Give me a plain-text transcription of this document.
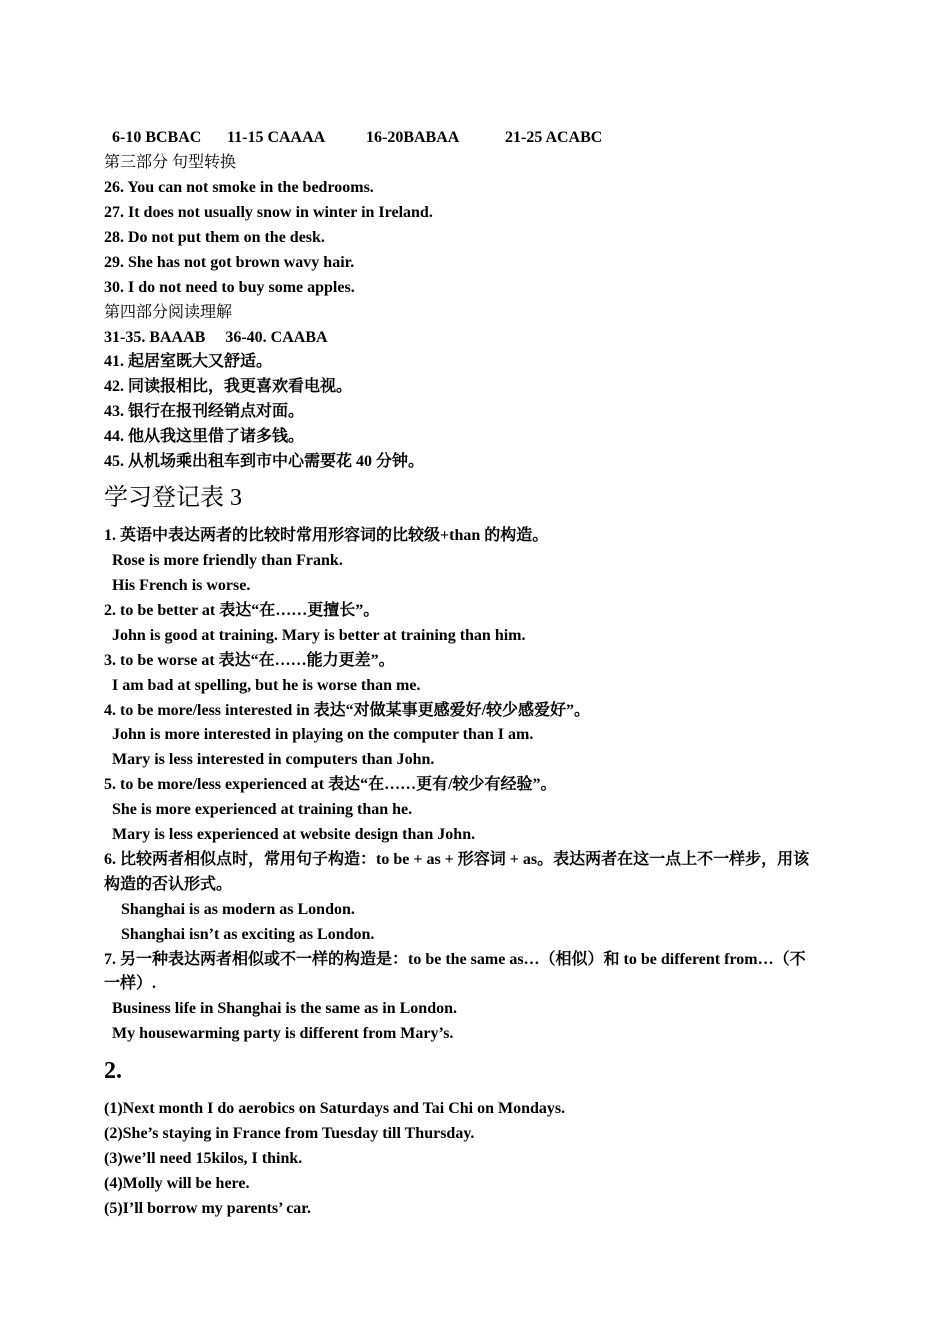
6-10 BCBAC 11-15 CAAAA	16-20BABAA	21-25 ACABC
第三部分 句型转换
26. You can not smoke in the bedrooms.
27. It does not usually snow in winter in Ireland.
28. Do not put them on the desk.
29. She has not got brown wavy hair.
30. I do not need to buy some apples.
第四部分阅读理解
31-35. BAAAB     36-40. CAABA
41. 起居室既大又舒适。
42. 同读报相比，我更喜欢看电视。
43. 银行在报刊经销点对面。
44. 他从我这里借了诸多钱。
45. 从机场乘出租车到市中心需要花 40 分钟。
学习登记表 3
1. 英语中表达两者的比较时常用形容词的比较级+than 的构造。
Rose is more friendly than Frank.
His French is worse.
2. to be better at 表达“在……更擅长”。
John is good at training. Mary is better at training than him.
3. to be worse at 表达“在……能力更差”。
I am bad at spelling, but he is worse than me.
4. to be more/less interested in 表达“对做某事更感爱好/较少感爱好”。
John is more interested in playing on the computer than I am.
Mary is less interested in computers than John.
5. to be more/less experienced at 表达“在……更有/较少有经验”。
She is more experienced at training than he.
Mary is less experienced at website design than John.
6. 比较两者相似点时，常用句子构造：to be + as + 形容词 + as。表达两者在这一点上不一样步，用该
构造的否认形式。
Shanghai is as modern as London.
Shanghai isn’t as exciting as London.
7. 另一种表达两者相似或不一样的构造是：to be the same as…（相似）和 to be different from…（不
一样）.
Business life in Shanghai is the same as in London.
My housewarming party is different from Mary’s.
2.
(1)Next month I do aerobics on Saturdays and Tai Chi on Mondays.
(2)She’s staying in France from Tuesday till Thursday.
(3)we’ll need 15kilos, I think.
(4)Molly will be here.
(5)I’ll borrow my parents’ car.
